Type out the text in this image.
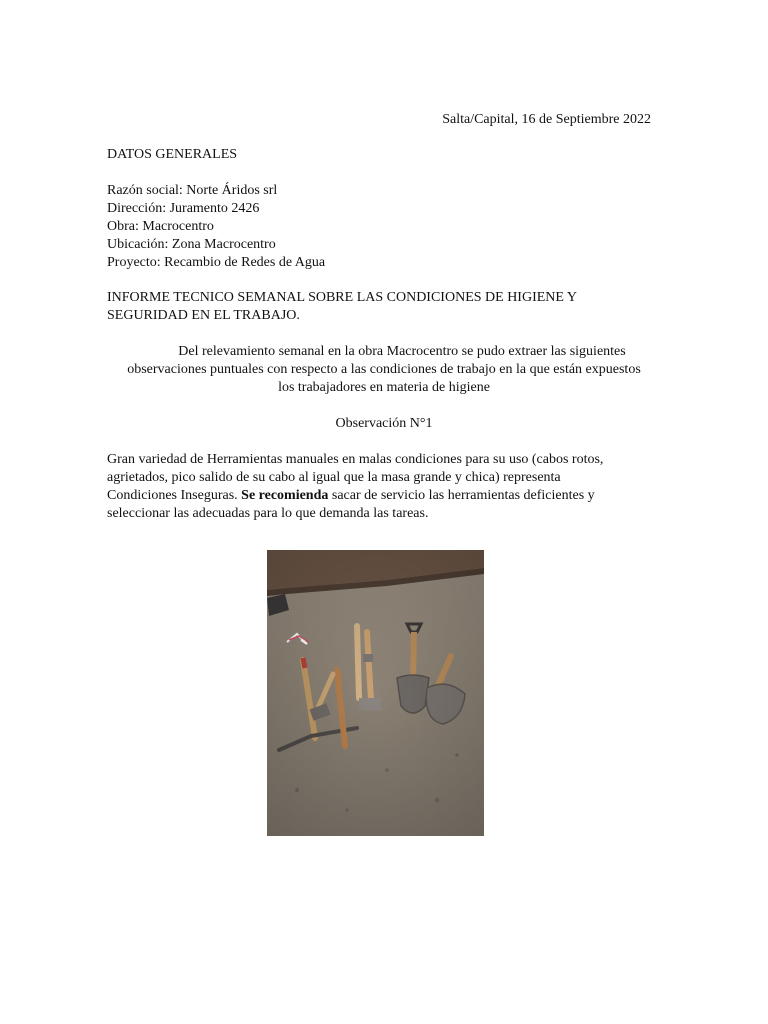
Salta/Capital, 16 de Septiembre 2022
DATOS GENERALES
Razón social: Norte Áridos srl
Dirección: Juramento 2426
Obra: Macrocentro
Ubicación: Zona Macrocentro
Proyecto: Recambio de Redes de Agua
INFORME TECNICO SEMANAL SOBRE LAS CONDICIONES DE HIGIENE Y
SEGURIDAD EN EL TRABAJO.
Del relevamiento semanal en la obra Macrocentro se pudo extraer las siguientes
observaciones puntuales con respecto a las condiciones de trabajo en la que están expuestos
los trabajadores en materia de higiene
Observación N°1
Gran variedad de Herramientas manuales en malas condiciones para su uso (cabos rotos,
agrietados, pico salido de su cabo al igual que la masa grande y chica) representa
Condiciones Inseguras. Se recomienda sacar de servicio las herramientas deficientes y
seleccionar las adecuadas para lo que demanda las tareas.
